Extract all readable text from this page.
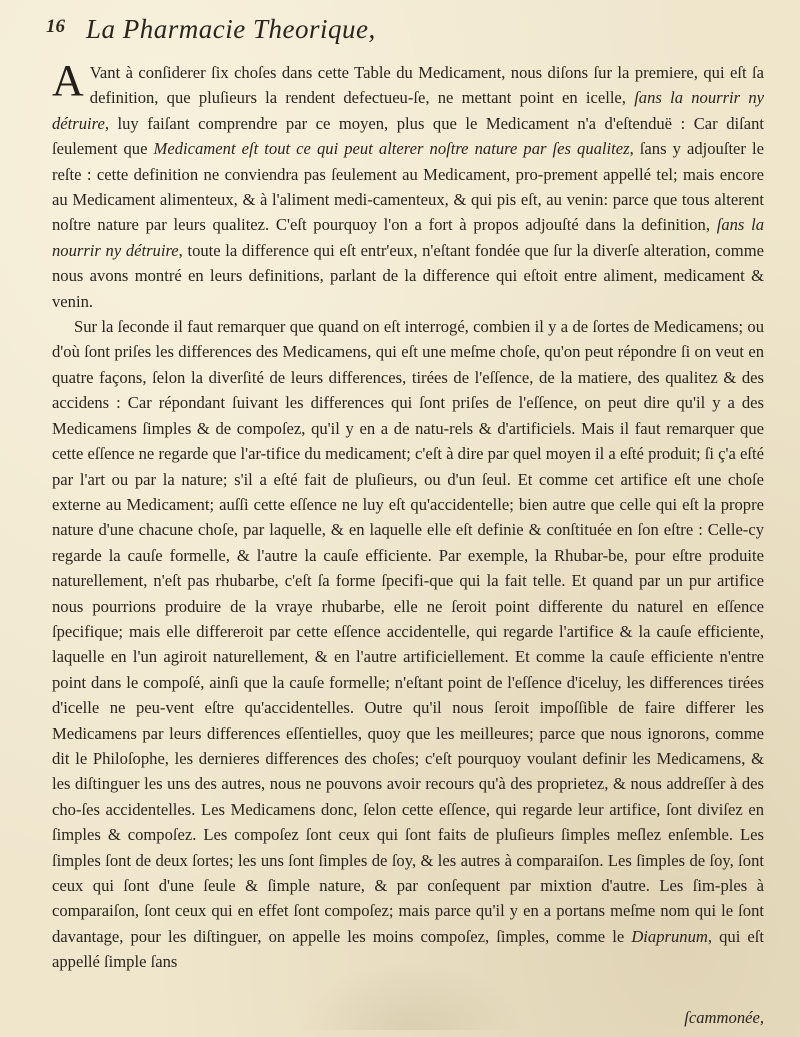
16 La Pharmacie Theorique,

A Vant à conſiderer ſix choſes dans cette Table du Medicament, nous diſons ſur la premiere, qui eſt ſa definition, que pluſieurs la rendent defectueu-ſe, ne mettant point en icelle, ſans la nourrir ny détruire, luy faiſant comprendre par ce moyen, plus que le Medicament n'a d'eſtenduë : Car diſant ſeulement que Medicament eſt tout ce qui peut alterer noſtre nature par ſes qualitez, ſans y adjouſter le reſte : cette definition ne conviendra pas ſeulement au Medicament, pro-prement appellé tel; mais encore au Medicament alimenteux, & à l'aliment medi-camenteux, & qui pis eſt, au venin: parce que tous alterent noſtre nature par leurs qualitez. C'eſt pourquoy l'on a fort à propos adjouſté dans la definition, ſans la nourrir ny détruire, toute la difference qui eſt entr'eux, n'eſtant fondée que ſur la diverſe alteration, comme nous avons montré en leurs definitions, parlant de la difference qui eſtoit entre aliment, medicament & venin.

Sur la ſeconde il faut remarquer que quand on eſt interrogé, combien il y a de ſortes de Medicamens; ou d'où ſont priſes les differences des Medicamens, qui eſt une meſme choſe, qu'on peut répondre ſi on veut en quatre façons, ſelon la diverſité de leurs differences, tirées de l'eſſence, de la matiere, des qualitez & des accidens : Car répondant ſuivant les differences qui ſont priſes de l'eſſence, on peut dire qu'il y a des Medicamens ſimples & de compoſez, qu'il y en a de natu-rels & d'artificiels. Mais il faut remarquer que cette eſſence ne regarde que l'ar-tifice du medicament; c'eſt à dire par quel moyen il a eſté produit; ſi ç'a eſté par l'art ou par la nature; s'il a eſté fait de pluſieurs, ou d'un ſeul. Et comme cet artifice eſt une choſe externe au Medicament; auſſi cette eſſence ne luy eſt qu'accidentelle; bien autre que celle qui eſt la propre nature d'une chacune choſe, par laquelle, & en laquelle elle eſt definie & conſtituée en ſon eſtre : Celle-cy regarde la cauſe formelle, & l'autre la cauſe efficiente. Par exemple, la Rhubar-be, pour eſtre produite naturellement, n'eſt pas rhubarbe, c'eſt ſa forme ſpecifi-que qui la fait telle. Et quand par un pur artifice nous pourrions produire de la vraye rhubarbe, elle ne ſeroit point differente du naturel en eſſence ſpecifique; mais elle differeroit par cette eſſence accidentelle, qui regarde l'artifice & la cauſe efficiente, laquelle en l'un agiroit naturellement, & en l'autre artificiellement. Et comme la cauſe efficiente n'entre point dans le compoſé, ainſi que la cauſe formelle; n'eſtant point de l'eſſence d'iceluy, les differences tirées d'icelle ne peu-vent eſtre qu'accidentelles. Outre qu'il nous ſeroit impoſſible de faire differer les Medicamens par leurs differences eſſentielles, quoy que les meilleures; parce que nous ignorons, comme dit le Philoſophe, les dernieres differences des choſes; c'eſt pourquoy voulant definir les Medicamens, & les diſtinguer les uns des autres, nous ne pouvons avoir recours qu'à des proprietez, & nous addreſſer à des cho-ſes accidentelles. Les Medicamens donc, ſelon cette eſſence, qui regarde leur artifice, ſont diviſez en ſimples & compoſez. Les compoſez ſont ceux qui ſont faits de pluſieurs ſimples meſlez enſemble. Les ſimples ſont de deux ſortes; les uns ſont ſimples de ſoy, & les autres à comparaiſon. Les ſimples de ſoy, ſont ceux qui ſont d'une ſeule & ſimple nature, & par conſequent par mixtion d'autre. Les ſim-ples à comparaiſon, ſont ceux qui en effet ſont compoſez; mais parce qu'il y en a portans meſme nom qui le ſont davantage, pour les diſtinguer, on appelle les moins compoſez, ſimples, comme le Diaprunum, qui eſt appellé ſimple ſans

ſcammonée,
